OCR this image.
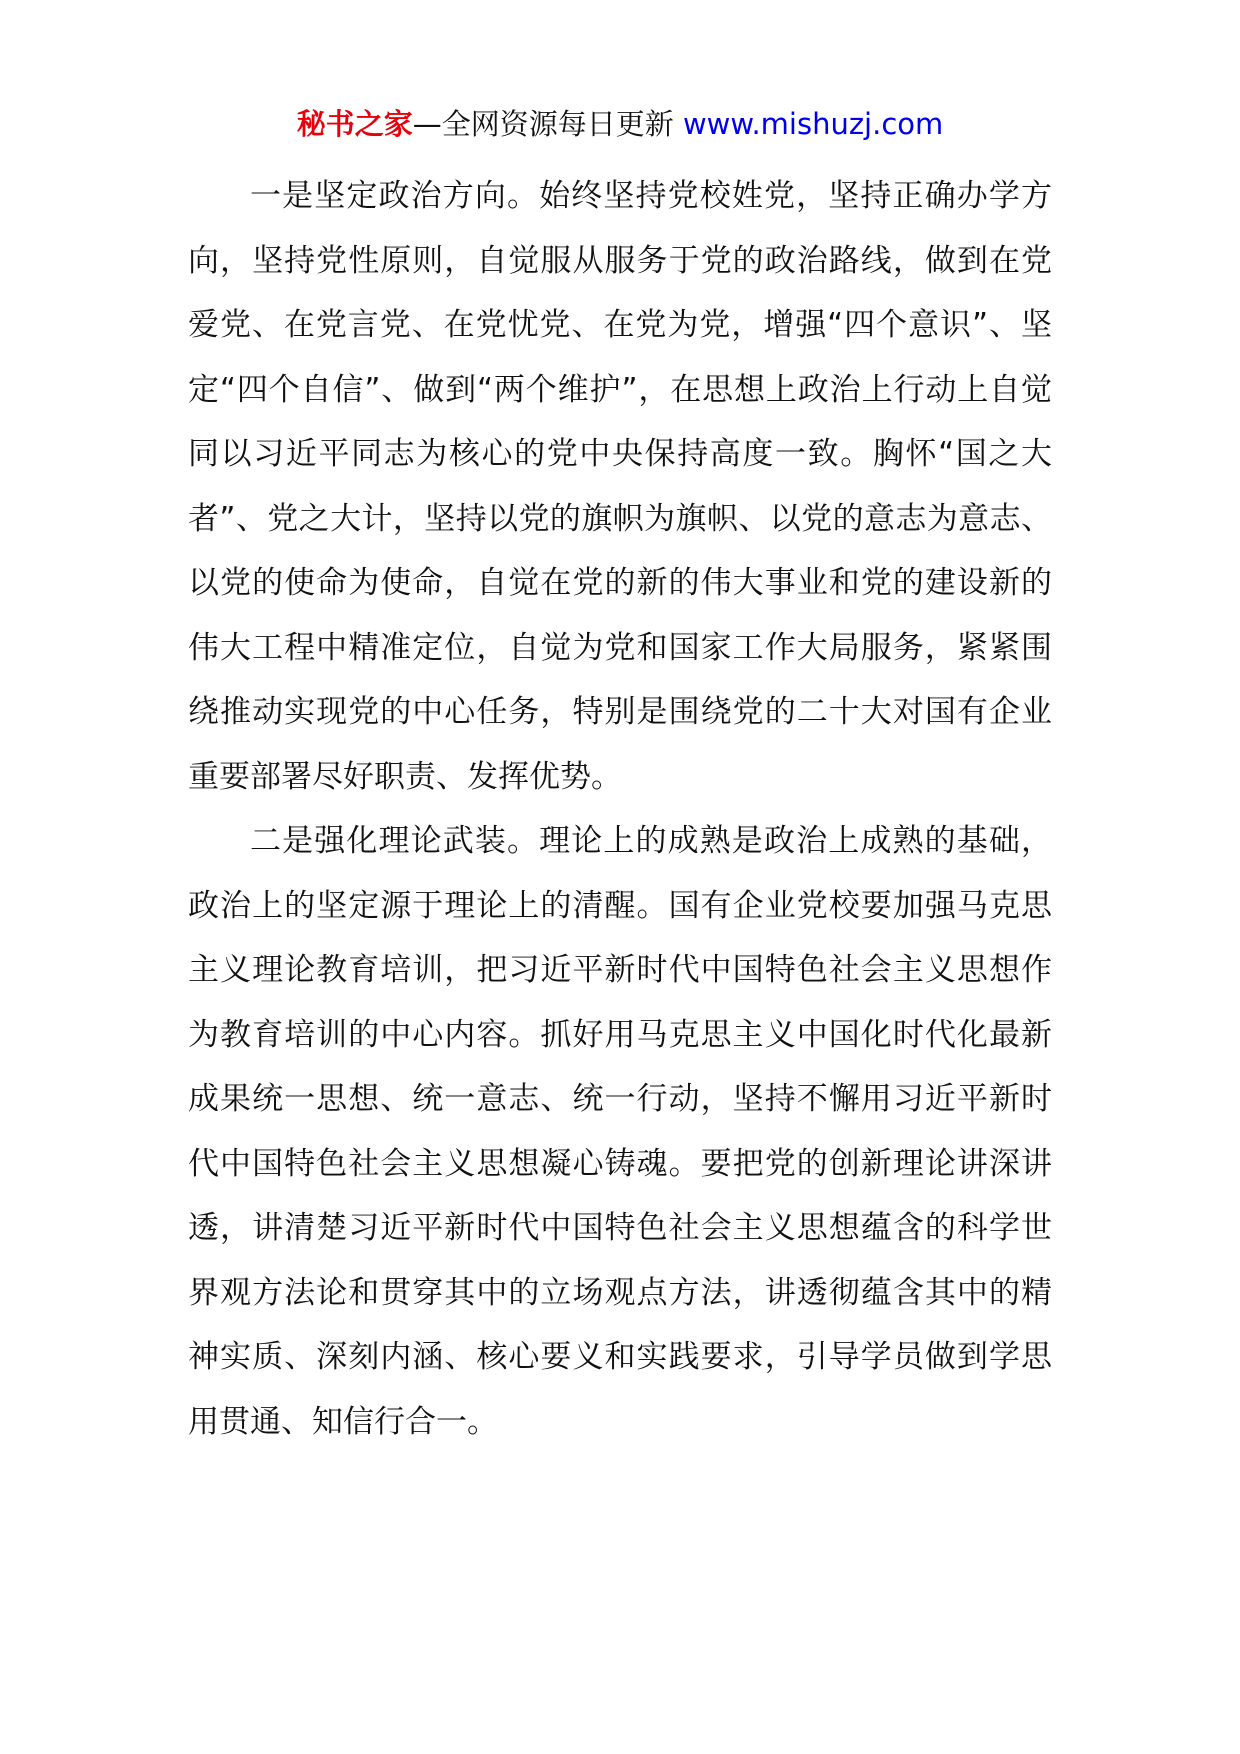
秘书之家—全网资源每日更新 www.mishuzj.com

一是坚定政治方向。始终坚持党校姓党，坚持正确办学方向，坚持党性原则，自觉服从服务于党的政治路线，做到在党爱党、在党言党、在党忧党、在党为党，增强“四个意识”、坚定“四个自信”、做到“两个维护”，在思想上政治上行动上自觉同以习近平同志为核心的党中央保持高度一致。胸怀“国之大者”、党之大计，坚持以党的旗帜为旗帜、以党的意志为意志、以党的使命为使命，自觉在党的新的伟大事业和党的建设新的伟大工程中精准定位，自觉为党和国家工作大局服务，紧紧围绕推动实现党的中心任务，特别是围绕党的二十大对国有企业重要部署尽好职责、发挥优势。

二是强化理论武装。理论上的成熟是政治上成熟的基础，政治上的坚定源于理论上的清醒。国有企业党校要加强马克思主义理论教育培训，把习近平新时代中国特色社会主义思想作为教育培训的中心内容。抓好用马克思主义中国化时代化最新成果统一思想、统一意志、统一行动，坚持不懈用习近平新时代中国特色社会主义思想凝心铸魂。要把党的创新理论讲深讲透，讲清楚习近平新时代中国特色社会主义思想蕴含的科学世界观方法论和贯穿其中的立场观点方法，讲透彻蕴含其中的精神实质、深刻内涵、核心要义和实践要求，引导学员做到学思用贯通、知信行合一。
